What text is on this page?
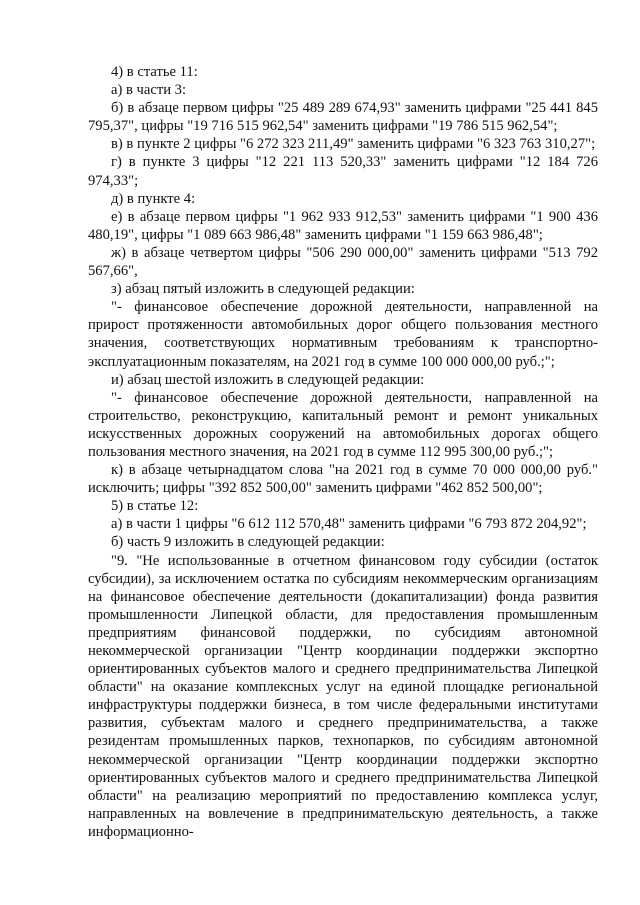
4) в статье 11:

а) в части 3:

б) в абзаце первом цифры "25 489 289 674,93" заменить цифрами "25 441 845 795,37", цифры "19 716 515 962,54" заменить цифрами "19 786 515 962,54";

в) в пункте 2 цифры "6 272 323 211,49" заменить цифрами "6 323 763 310,27";

г) в пункте 3 цифры "12 221 113 520,33" заменить цифрами "12 184 726 974,33";

д) в пункте 4:

е) в абзаце первом цифры "1 962 933 912,53" заменить цифрами "1 900 436 480,19", цифры "1 089 663 986,48" заменить цифрами "1 159 663 986,48";

ж) в абзаце четвертом цифры "506 290 000,00" заменить цифрами "513 792 567,66",

з) абзац пятый изложить в следующей редакции:

"- финансовое обеспечение дорожной деятельности, направленной на прирост протяженности автомобильных дорог общего пользования местного значения, соответствующих нормативным требованиям к транспортно-эксплуатационным показателям, на 2021 год в сумме 100 000 000,00 руб.;";

и) абзац шестой изложить в следующей редакции:

"- финансовое обеспечение дорожной деятельности, направленной на строительство, реконструкцию, капитальный ремонт и ремонт уникальных искусственных дорожных сооружений на автомобильных дорогах общего пользования местного значения, на 2021 год в сумме 112 995 300,00 руб.;";

к) в абзаце четырнадцатом слова "на 2021 год в сумме 70 000 000,00 руб." исключить; цифры "392 852 500,00" заменить цифрами "462 852 500,00";

5) в статье 12:

а) в части 1 цифры "6 612 112 570,48" заменить цифрами "6 793 872 204,92";

б) часть 9 изложить в следующей редакции:

"9. "Не использованные в отчетном финансовом году субсидии (остаток субсидии), за исключением остатка по субсидиям некоммерческим организациям на финансовое обеспечение деятельности (докапитализации) фонда развития промышленности Липецкой области, для предоставления промышленным предприятиям финансовой поддержки, по субсидиям автономной некоммерческой организации "Центр координации поддержки экспортно ориентированных субъектов малого и среднего предпринимательства Липецкой области" на оказание комплексных услуг на единой площадке региональной инфраструктуры поддержки бизнеса, в том числе федеральными институтами развития, субъектам малого и среднего предпринимательства, а также резидентам промышленных парков, технопарков, по субсидиям автономной некоммерческой организации "Центр координации поддержки экспортно ориентированных субъектов малого и среднего предпринимательства Липецкой области" на реализацию мероприятий по предоставлению комплекса услуг, направленных на вовлечение в предпринимательскую деятельность, а также информационно-
